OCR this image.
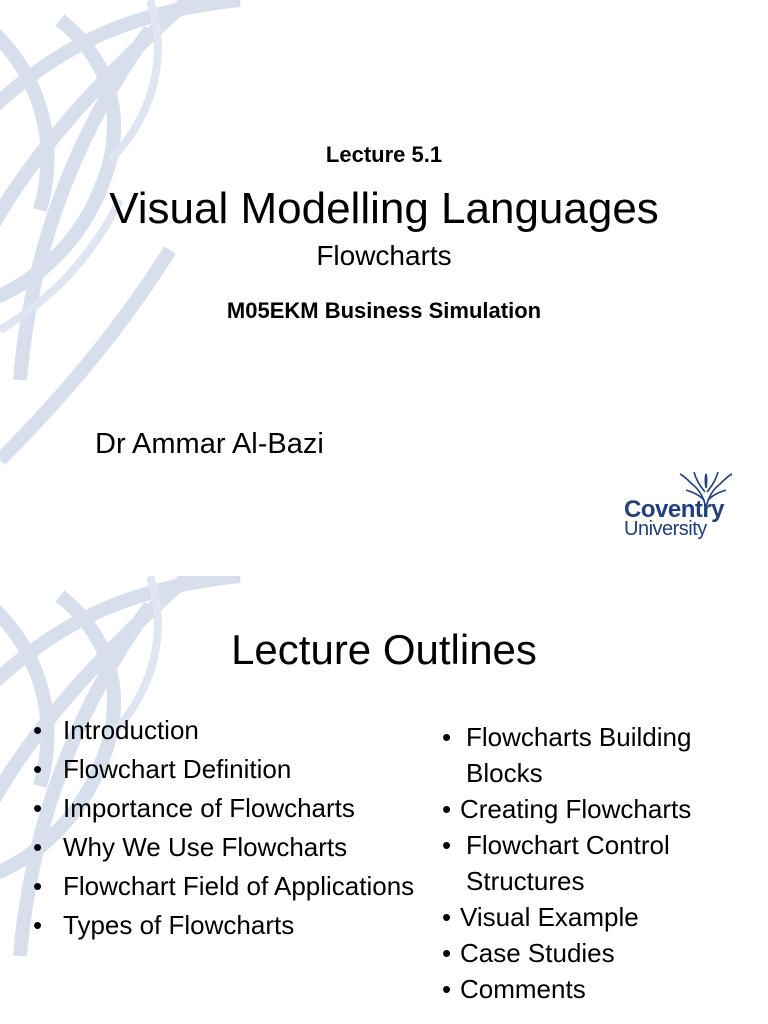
Lecture 5.1
Visual Modelling Languages
Flowcharts
M05EKM Business Simulation
Dr Ammar Al-Bazi
Coventry
University
Lecture Outlines
• Introduction
• Flowchart Definition
• Importance of Flowcharts
• Why We Use Flowcharts
• Flowchart Field of Applications
• Types of Flowcharts
• Flowcharts Building Blocks
• Creating Flowcharts
• Flowchart Control Structures
• Visual Example
• Case Studies
• Comments
